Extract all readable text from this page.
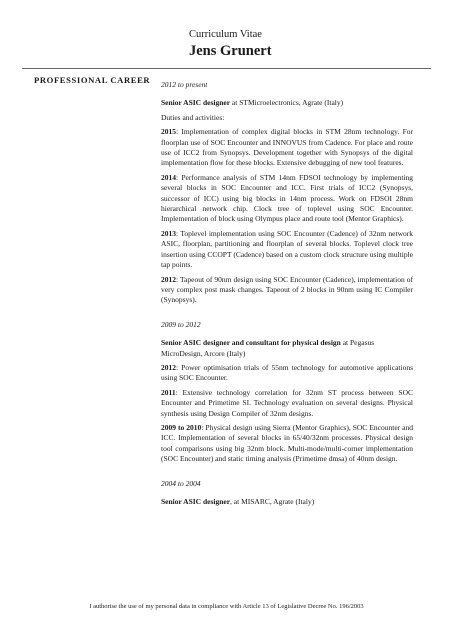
Curriculum Vitae
Jens Grunert
PROFESSIONAL CAREER 2012 to present

Senior ASIC designer at STMicroelectronics, Agrate (Italy)

Duties and activities:

2015: Implementation of complex digital blocks in STM 28nm technology. For floorplan use of SOC Encounter and INNOVUS from Cadence. For place and route use of ICC2 from Synopsys. Development together with Synopsys of the digital implementation flow for these blocks. Extensive debugging of new tool features.

2014: Performance analysis of STM 14nm FDSOI technology by implementing several blocks in SOC Encounter and ICC. First trials of ICC2 (Synopsys, successor of ICC) using big blocks in 14nm process. Work on FDSOI 28nm hierarchical network chip. Clock tree of toplevel using SOC Encounter. Implementation of block using Olympus place and route tool (Mentor Graphics).

2013: Toplevel implementation using SOC Encounter (Cadence) of 32nm network ASIC, floorplan, partitioning and floorplan of several blocks. Toplevel clock tree insertion using CCOPT (Cadence) based on a custom clock structure using multiple tap points.

2012: Tapeout of 90nm design using SOC Encounter (Cadence), implementation of very complex post mask changes. Tapeout of 2 blocks in 90nm using IC Compiler (Synopsys).

2009 to 2012

Senior ASIC designer and consultant for physical design at Pegasus MicroDesign, Arcore (Italy)

2012: Power optimisation trials of 55nm technology for automotive applications using SOC Encounter.

2011: Extensive technology correlation for 32nm ST process between SOC Encounter and Primetime SI. Technology evaluation on several designs. Physical synthesis using Design Compiler of 32nm designs.

2009 to 2010: Physical design using Sierra (Mentor Graphics), SOC Encounter and ICC. Implementation of several blocks in 65/40/32nm processes. Physical design tool comparisons using big 32nm block. Multi-mode/multi-corner implementation (SOC Encounter) and static timing analysis (Primetime dmsa) of 40nm design.

2004 to 2004

Senior ASIC designer, at MISARC, Agrate (Italy)

I authorise the use of my personal data in compliance with Article 13 of Legislative Decree No. 196/2003
